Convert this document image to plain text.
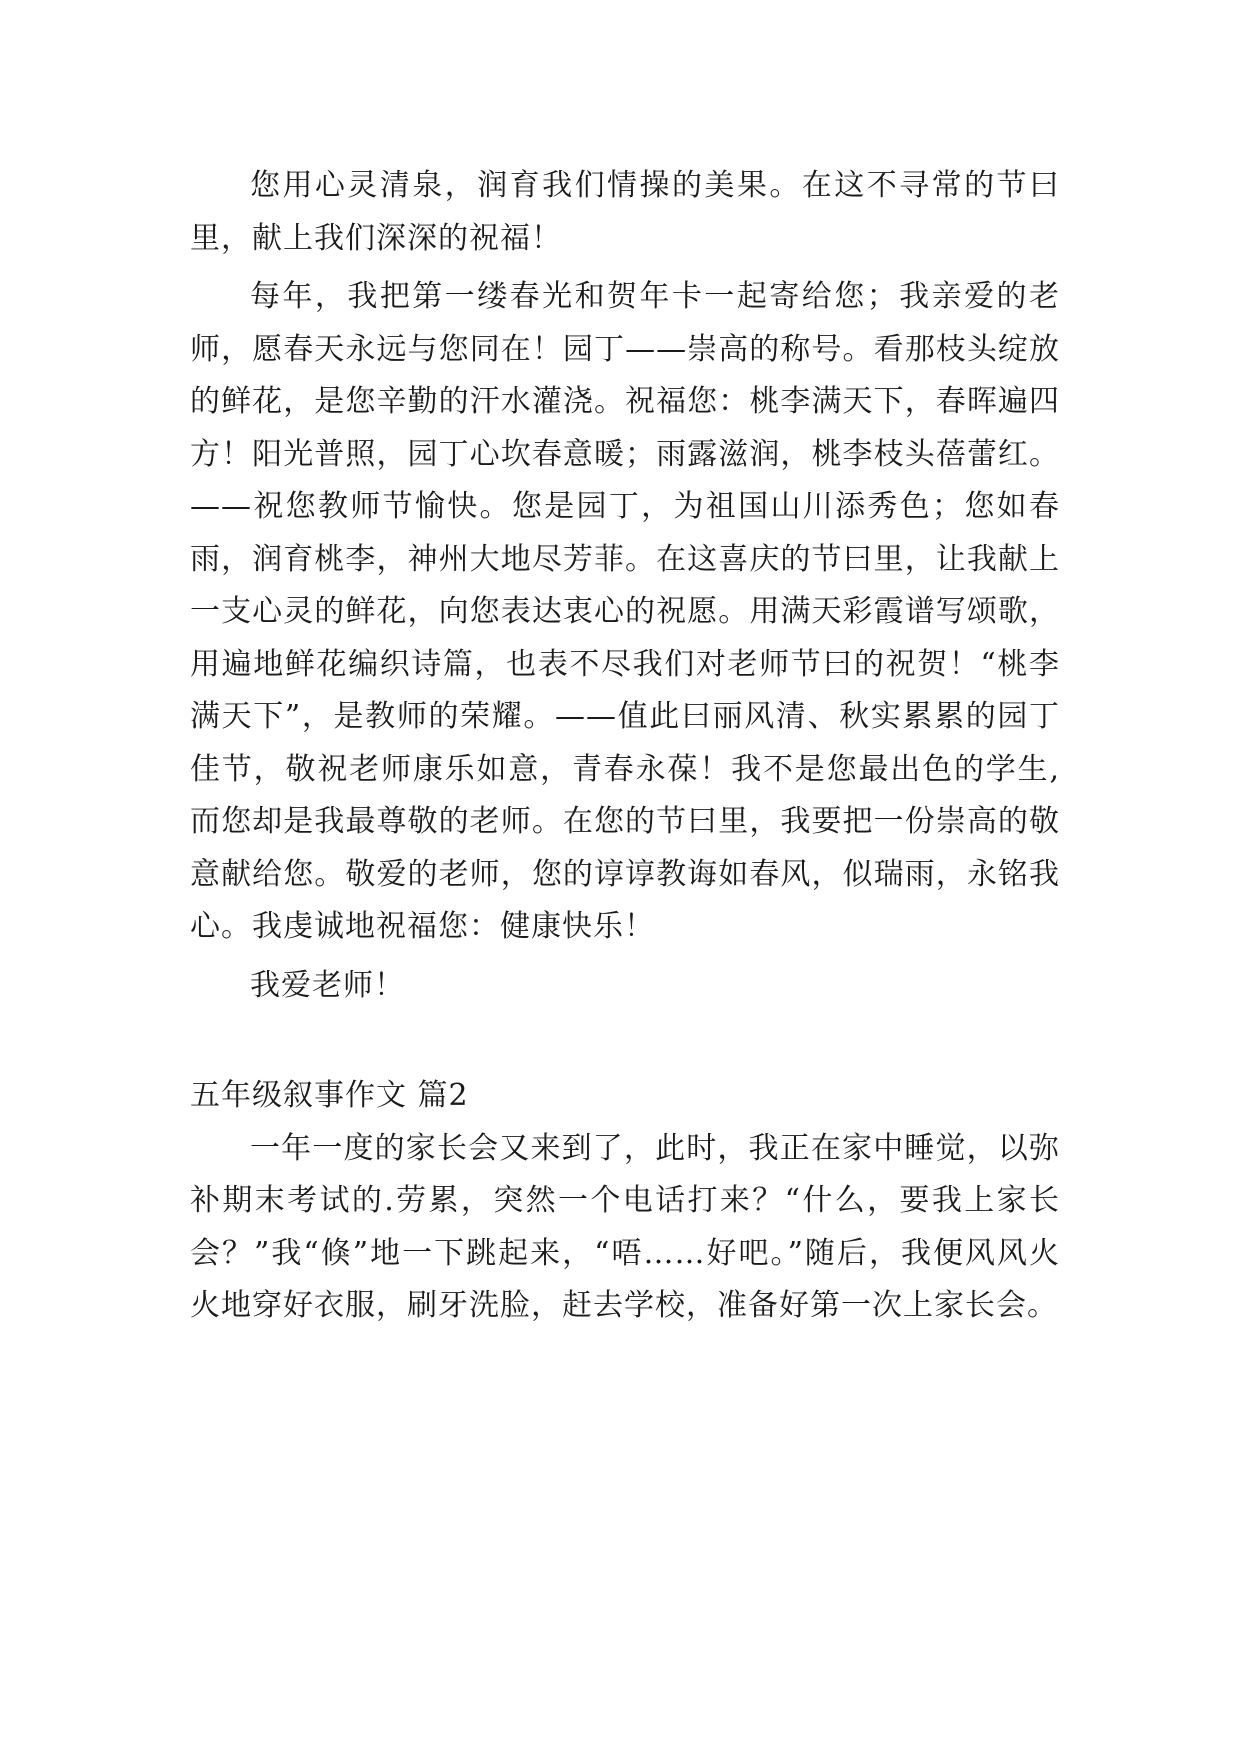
您用心灵清泉，润育我们情操的美果。在这不寻常的节曰里，献上我们深深的祝福！

每年，我把第一缕春光和贺年卡一起寄给您；我亲爱的老师，愿春天永远与您同在！园丁——崇高的称号。看那枝头绽放的鲜花，是您辛勤的汗水灌浇。祝福您：桃李满天下，春晖遍四方！阳光普照，园丁心坎春意暖；雨露滋润，桃李枝头蓓蕾红。——祝您教师节愉快。您是园丁，为祖国山川添秀色；您如春雨，润育桃李，神州大地尽芳菲。在这喜庆的节曰里，让我献上一支心灵的鲜花，向您表达衷心的祝愿。用满天彩霞谱写颂歌，用遍地鲜花编织诗篇，也表不尽我们对老师节曰的祝贺！“桃李满天下”，是教师的荣耀。——值此曰丽风清、秋实累累的园丁佳节，敬祝老师康乐如意，青春永葆！我不是您最出色的学生,而您却是我最尊敬的老师。在您的节曰里，我要把一份崇高的敬意献给您。敬爱的老师，您的谆谆教诲如春风，似瑞雨，永铭我心。我虔诚地祝福您：健康快乐！

我爱老师！

五年级叙事作文 篇2

一年一度的家长会又来到了，此时，我正在家中睡觉，以弥补期末考试的.劳累，突然一个电话打来？“什么，要我上家长会？”我“倏”地一下跳起来，“唔……好吧。”随后，我便风风火火地穿好衣服，刷牙洗脸，赶去学校，准备好第一次上家长会。
